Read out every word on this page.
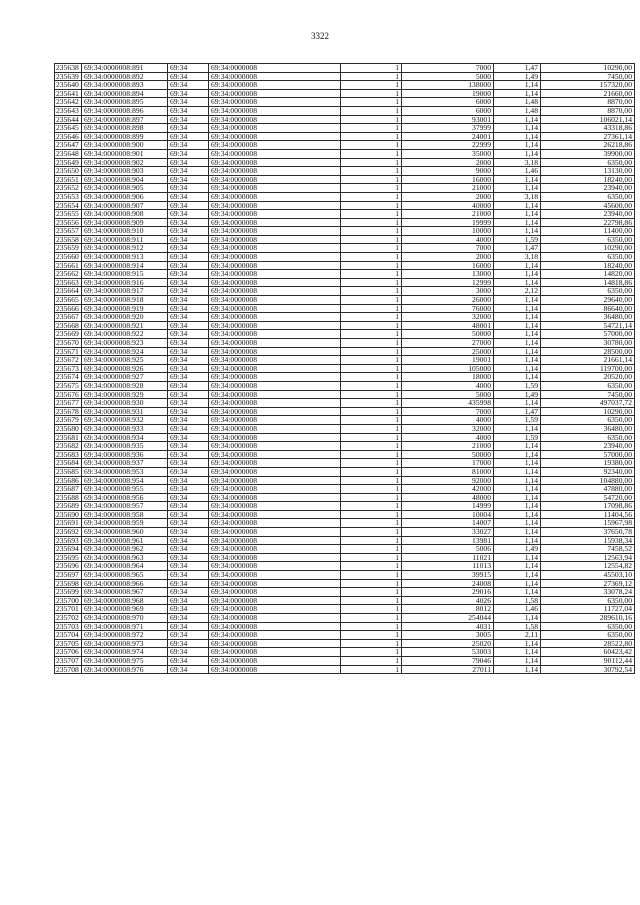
3322
235638	69:34:0000008:891	69:34	69:34:0000008	1	7000	1,47	10290,00
235639	69:34:0000008:892	69:34	69:34:0000008	1	5000	1,49	7450,00
235640	69:34:0000008:893	69:34	69:34:0000008	1	138000	1,14	157320,00
235641	69:34:0000008:894	69:34	69:34:0000008	1	19000	1,14	21660,00
235642	69:34:0000008:895	69:34	69:34:0000008	1	6000	1,48	8870,00
235643	69:34:0000008:896	69:34	69:34:0000008	1	6000	1,48	8870,00
235644	69:34:0000008:897	69:34	69:34:0000008	1	93001	1,14	106021,14
235645	69:34:0000008:898	69:34	69:34:0000008	1	37999	1,14	43318,86
235646	69:34:0000008:899	69:34	69:34:0000008	1	24001	1,14	27361,14
235647	69:34:0000008:900	69:34	69:34:0000008	1	22999	1,14	26218,86
235648	69:34:0000008:901	69:34	69:34:0000008	1	35000	1,14	39900,00
235649	69:34:0000008:902	69:34	69:34:0000008	1	2000	3,18	6350,00
235650	69:34:0000008:903	69:34	69:34:0000008	1	9000	1,46	13130,00
235651	69:34:0000008:904	69:34	69:34:0000008	1	16000	1,14	18240,00
235652	69:34:0000008:905	69:34	69:34:0000008	1	21000	1,14	23940,00
235653	69:34:0000008:906	69:34	69:34:0000008	1	2000	3,18	6350,00
235654	69:34:0000008:907	69:34	69:34:0000008	1	40000	1,14	45600,00
235655	69:34:0000008:908	69:34	69:34:0000008	1	21000	1,14	23940,00
235656	69:34:0000008:909	69:34	69:34:0000008	1	19999	1,14	22798,86
235657	69:34:0000008:910	69:34	69:34:0000008	1	10000	1,14	11400,00
235658	69:34:0000008:911	69:34	69:34:0000008	1	4000	1,59	6350,00
235659	69:34:0000008:912	69:34	69:34:0000008	1	7000	1,47	10290,00
235660	69:34:0000008:913	69:34	69:34:0000008	1	2000	3,18	6350,00
235661	69:34:0000008:914	69:34	69:34:0000008	1	16000	1,14	18240,00
235662	69:34:0000008:915	69:34	69:34:0000008	1	13000	1,14	14820,00
235663	69:34:0000008:916	69:34	69:34:0000008	1	12999	1,14	14818,86
235664	69:34:0000008:917	69:34	69:34:0000008	1	3000	2,12	6350,00
235665	69:34:0000008:918	69:34	69:34:0000008	1	26000	1,14	29640,00
235666	69:34:0000008:919	69:34	69:34:0000008	1	76000	1,14	86640,00
235667	69:34:0000008:920	69:34	69:34:0000008	1	32000	1,14	36480,00
235668	69:34:0000008:921	69:34	69:34:0000008	1	48001	1,14	54721,14
235669	69:34:0000008:922	69:34	69:34:0000008	1	50000	1,14	57000,00
235670	69:34:0000008:923	69:34	69:34:0000008	1	27000	1,14	30780,00
235671	69:34:0000008:924	69:34	69:34:0000008	1	25000	1,14	28500,00
235672	69:34:0000008:925	69:34	69:34:0000008	1	19001	1,14	21661,14
235673	69:34:0000008:926	69:34	69:34:0000008	1	105000	1,14	119700,00
235674	69:34:0000008:927	69:34	69:34:0000008	1	18000	1,14	20520,00
235675	69:34:0000008:928	69:34	69:34:0000008	1	4000	1,59	6350,00
235676	69:34:0000008:929	69:34	69:34:0000008	1	5000	1,49	7450,00
235677	69:34:0000008:930	69:34	69:34:0000008	1	435998	1,14	497037,72
235678	69:34:0000008:931	69:34	69:34:0000008	1	7000	1,47	10290,00
235679	69:34:0000008:932	69:34	69:34:0000008	1	4000	1,59	6350,00
235680	69:34:0000008:933	69:34	69:34:0000008	1	32000	1,14	36480,00
235681	69:34:0000008:934	69:34	69:34:0000008	1	4000	1,59	6350,00
235682	69:34:0000008:935	69:34	69:34:0000008	1	21000	1,14	23940,00
235683	69:34:0000008:936	69:34	69:34:0000008	1	50000	1,14	57000,00
235684	69:34:0000008:937	69:34	69:34:0000008	1	17000	1,14	19380,00
235685	69:34:0000008:953	69:34	69:34:0000008	1	81000	1,14	92340,00
235686	69:34:0000008:954	69:34	69:34:0000008	1	92000	1,14	104880,00
235687	69:34:0000008:955	69:34	69:34:0000008	1	42000	1,14	47880,00
235688	69:34:0000008:956	69:34	69:34:0000008	1	48000	1,14	54720,00
235689	69:34:0000008:957	69:34	69:34:0000008	1	14999	1,14	17098,86
235690	69:34:0000008:958	69:34	69:34:0000008	1	10004	1,14	11404,56
235691	69:34:0000008:959	69:34	69:34:0000008	1	14007	1,14	15967,98
235692	69:34:0000008:960	69:34	69:34:0000008	1	33027	1,14	37650,78
235693	69:34:0000008:961	69:34	69:34:0000008	1	13981	1,14	15938,34
235694	69:34:0000008:962	69:34	69:34:0000008	1	5006	1,49	7458,52
235695	69:34:0000008:963	69:34	69:34:0000008	1	11021	1,14	12563,94
235696	69:34:0000008:964	69:34	69:34:0000008	1	11013	1,14	12554,82
235697	69:34:0000008:965	69:34	69:34:0000008	1	39915	1,14	45503,10
235698	69:34:0000008:966	69:34	69:34:0000008	1	24008	1,14	27369,12
235699	69:34:0000008:967	69:34	69:34:0000008	1	29016	1,14	33078,24
235700	69:34:0000008:968	69:34	69:34:0000008	1	4026	1,58	6350,00
235701	69:34:0000008:969	69:34	69:34:0000008	1	8012	1,46	11727,04
235702	69:34:0000008:970	69:34	69:34:0000008	1	254044	1,14	289610,16
235703	69:34:0000008:971	69:34	69:34:0000008	1	4031	1,58	6350,00
235704	69:34:0000008:972	69:34	69:34:0000008	1	3005	2,11	6350,00
235705	69:34:0000008:973	69:34	69:34:0000008	1	25020	1,14	28522,80
235706	69:34:0000008:974	69:34	69:34:0000008	1	53003	1,14	60423,42
235707	69:34:0000008:975	69:34	69:34:0000008	1	79046	1,14	90112,44
235708	69:34:0000008:976	69:34	69:34:0000008	1	27011	1,14	30792,54
